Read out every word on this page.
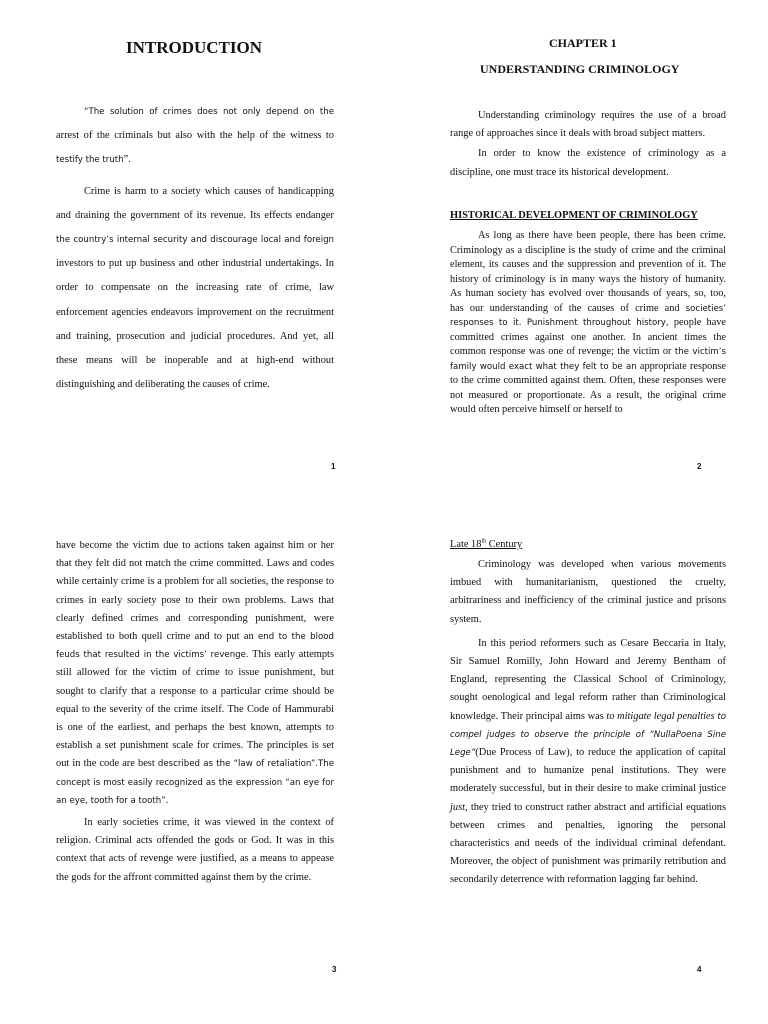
INTRODUCTION

“The solution of crimes does not only depend on the arrest of the criminals but also with the help of the witness to testify the truth”.

Crime is harm to a society which causes of handicapping and draining the government of its revenue. Its effects endanger the country’s internal security and discourage local and foreign investors to put up business and other industrial undertakings. In order to compensate on the increasing rate of crime, law enforcement agencies endeavors improvement on the recruitment and training, prosecution and judicial procedures. And yet, all these means will be inoperable and at high-end without distinguishing and deliberating the causes of crime.

1
CHAPTER 1
UNDERSTANDING CRIMINOLOGY

Understanding criminology requires the use of a broad range of approaches since it deals with broad subject matters.

In order to know the existence of criminology as a discipline, one must trace its historical development.

HISTORICAL DEVELOPMENT OF CRIMINOLOGY

As long as there have been people, there has been crime. Criminology as a discipline is the study of crime and the criminal element, its causes and the suppression and prevention of it. The history of criminology is in many ways the history of humanity. As human society has evolved over thousands of years, so, too, has our understanding of the causes of crime and societies’ responses to it. Punishment throughout history, people have committed crimes against one another. In ancient times the common response was one of revenge; the victim or the victim’s family would exact what they felt to be an appropriate response to the crime committed against them. Often, these responses were not measured or proportionate. As a result, the original crime would often perceive himself or herself to

2

have become the victim due to actions taken against him or her that they felt did not match the crime committed. Laws and codes while certainly crime is a problem for all societies, the response to crimes in early society pose to their own problems. Laws that clearly defined crimes and corresponding punishment, were established to both quell crime and to put an end to the blood feuds that resulted in the victims’ revenge. This early attempts still allowed for the victim of crime to issue punishment, but sought to clarify that a response to a particular crime should be equal to the severity of the crime itself. The Code of Hammurabi is one of the earliest, and perhaps the best known, attempts to establish a set punishment scale for crimes. The principles is set out in the code are best described as the “law of retaliation”.The concept is most easily recognized as the expression “an eye for an eye, tooth for a tooth”.

In early societies crime, it was viewed in the context of religion. Criminal acts offended the gods or God. It was in this context that acts of revenge were justified, as a means to appease the gods for the affront committed against them by the crime.

3

Late 18th Century

Criminology was developed when various movements imbued with humanitarianism, questioned the cruelty, arbitrariness and inefficiency of the criminal justice and prisons system.

In this period reformers such as Cesare Beccaria in Italy, Sir Samuel Romilly, John Howard and Jeremy Bentham of England, representing the Classical School of Criminology, sought oenological and legal reform rather than Criminological knowledge. Their principal aims was to mitigate legal penalties to compel judges to observe the principle of “NullaPoena Sine Lege”(Due Process of Law), to reduce the application of capital punishment and to humanize penal institutions. They were moderately successful, but in their desire to make criminal justice just, they tried to construct rather abstract and artificial equations between crimes and penalties, ignoring the personal characteristics and needs of the individual criminal defendant. Moreover, the object of punishment was primarily retribution and secondarily deterrence with reformation lagging far behind.

4
